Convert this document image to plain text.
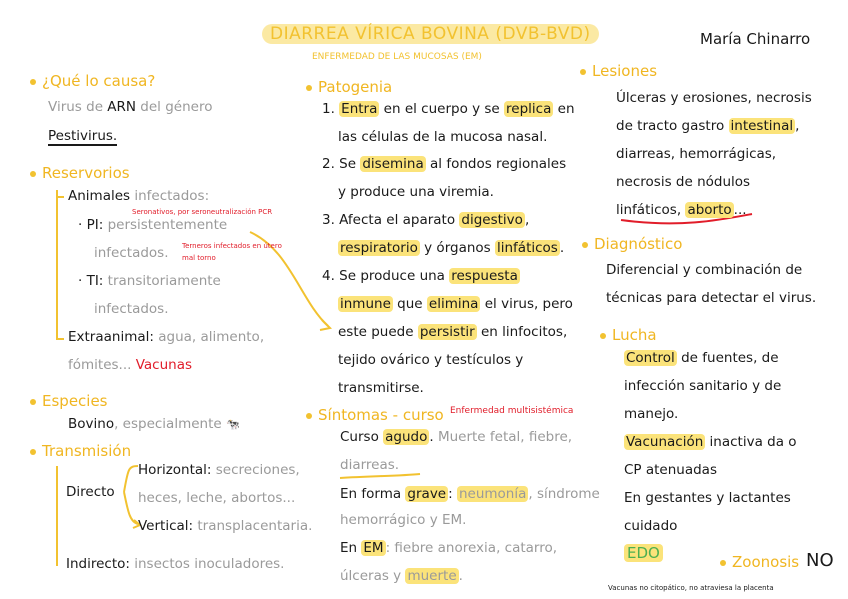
DIARREA VÍRICA BOVINA (DVB-BVD)
ENFERMEDAD DE LAS MUCOSAS (EM)
María Chinarro
¿Qué lo causa?
Virus de ARN del género
Pestivirus.
Reservorios
Animales infectados:
Seronativos, por seroneutralización PCR
· PI: persistentemente
infectados. Terneros infectados en útero
mal torno
· TI: transitoriamente
infectados.
Extraanimal: agua, alimento,
fómites... Vacunas
Especies
Bovino, especialmente 🐄
Transmisión
Directo
Horizontal: secreciones,
heces, leche, abortos...
Vertical: transplacentaria.
Indirecto: insectos inoculadores.
Patogenia
1. Entra en el cuerpo y se replica en
las células de la mucosa nasal.
2. Se disemina al fondos regionales
y produce una viremia.
3. Afecta el aparato digestivo ,
respiratorio y órganos linfáticos .
4. Se produce una respuesta
inmune que elimina el virus, pero
este puede persistir en linfocitos,
tejido ovárico y testículos y
transmitirse.
Síntomas - curso Enfermedad multisistémica
Curso agudo . Muerte fetal, fiebre,
diarreas.
En forma grave : neumonía , síndrome
hemorrágico y EM.
En EM : fiebre anorexia, catarro,
úlceras y muerte .
Lesiones
Úlceras y erosiones, necrosis
de tracto gastro intestinal ,
diarreas, hemorrágicas,
necrosis de nódulos
linfáticos, aborto ...
Diagnóstico
Diferencial y combinación de
técnicas para detectar el virus.
Lucha
Control de fuentes, de
infección sanitario y de
manejo.
Vacunación inactiva da o
CP atenuadas
En gestantes y lactantes
cuidado
EDO	Zoonosis NO
Vacunas no citopático, no atraviesa la placenta
